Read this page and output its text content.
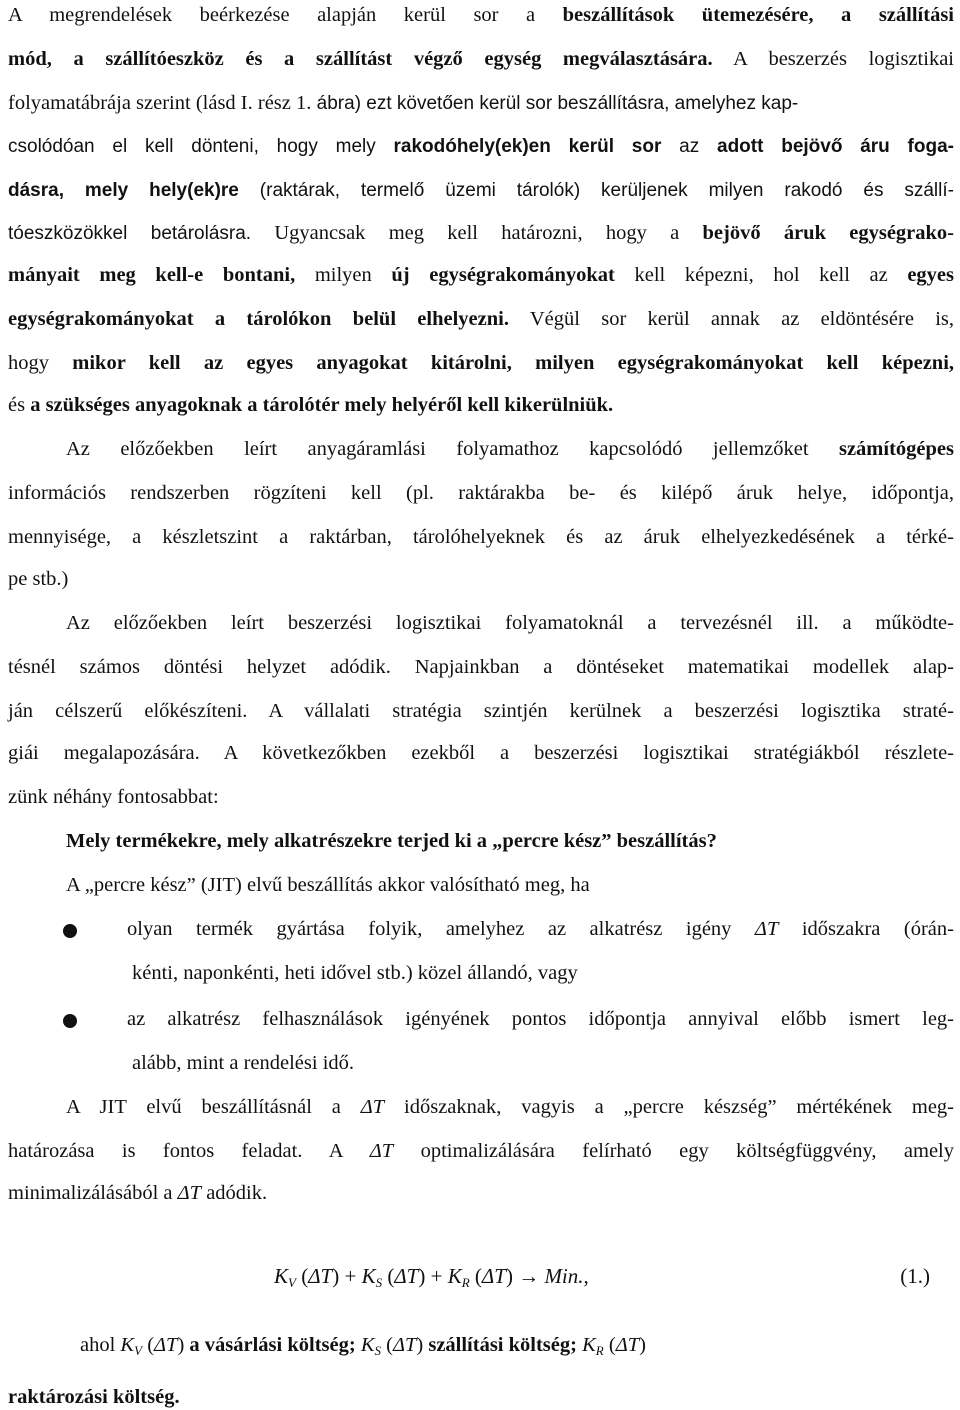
A megrendelések beérkezése alapján kerül sor a beszállítások ütemezésére, a szállítási
mód, a szállítóeszköz és a szállítást végző egység megválasztására. A beszerzés logisztikai
folyamatábrája szerint (lásd I. rész 1. ábra) ezt követően kerül sor beszállításra, amelyhez kap-
csolódóan el kell dönteni, hogy mely rakodóhely(ek)en kerül sor az adott bejövő áru foga-
dásra, mely hely(ek)re (raktárak, termelő üzemi tárolók) kerüljenek milyen rakodó és szállí-
tóeszközökkel betárolásra. Ugyancsak meg kell határozni, hogy a bejövő áruk egységrako-
mányait meg kell-e bontani, milyen új egységrakományokat kell képezni, hol kell az egyes
egységrakományokat a tárolókon belül elhelyezni. Végül sor kerül annak az eldöntésére is,
hogy mikor kell az egyes anyagokat kitárolni, milyen egységrakományokat kell képezni,
és a szükséges anyagoknak a tárolótér mely helyéről kell kikerülniük.
Az előzőekben leírt anyagáramlási folyamathoz kapcsolódó jellemzőket számítógépes
információs rendszerben rögzíteni kell (pl. raktárakba be- és kilépő áruk helye, időpontja,
mennyisége, a készletszint a raktárban, tárolóhelyeknek és az áruk elhelyezkedésének a térké-
pe stb.)
Az előzőekben leírt beszerzési logisztikai folyamatoknál a tervezésnél ill. a működte-
tésnél számos döntési helyzet adódik. Napjainkban a döntéseket matematikai modellek alap-
ján célszerű előkészíteni. A vállalati stratégia szintjén kerülnek a beszerzési logisztika straté-
giái megalapozására. A következőkben ezekből a beszerzési logisztikai stratégiákból részlete-
zünk néhány fontosabbat:
Mely termékekre, mely alkatrészekre terjed ki a „percre kész” beszállítás?
A „percre kész” (JIT) elvű beszállítás akkor valósítható meg, ha
olyan termék gyártása folyik, amelyhez az alkatrész igény ΔT időszakra (órán-
kénti, naponkénti, heti idővel stb.) közel állandó, vagy
az alkatrész felhasználások igényének pontos időpontja annyival előbb ismert leg-
alább, mint a rendelési idő.
A JIT elvű beszállításnál a ΔT időszaknak, vagyis a „percre készség” mértékének meg-
határozása is fontos feladat. A ΔT optimalizálására felírható egy költségfüggvény, amely
minimalizálásából a ΔT adódik.
$K_V$ $(\Delta T) + K_S$ $(\Delta T) + K_R$ (ΔT) → Min.,	(1.)
ahol $K_V$ (ΔT) a vásárlási költség; $K_S$ (ΔT) szállítási költség; $K_R$ (ΔT)
raktározási költség.
